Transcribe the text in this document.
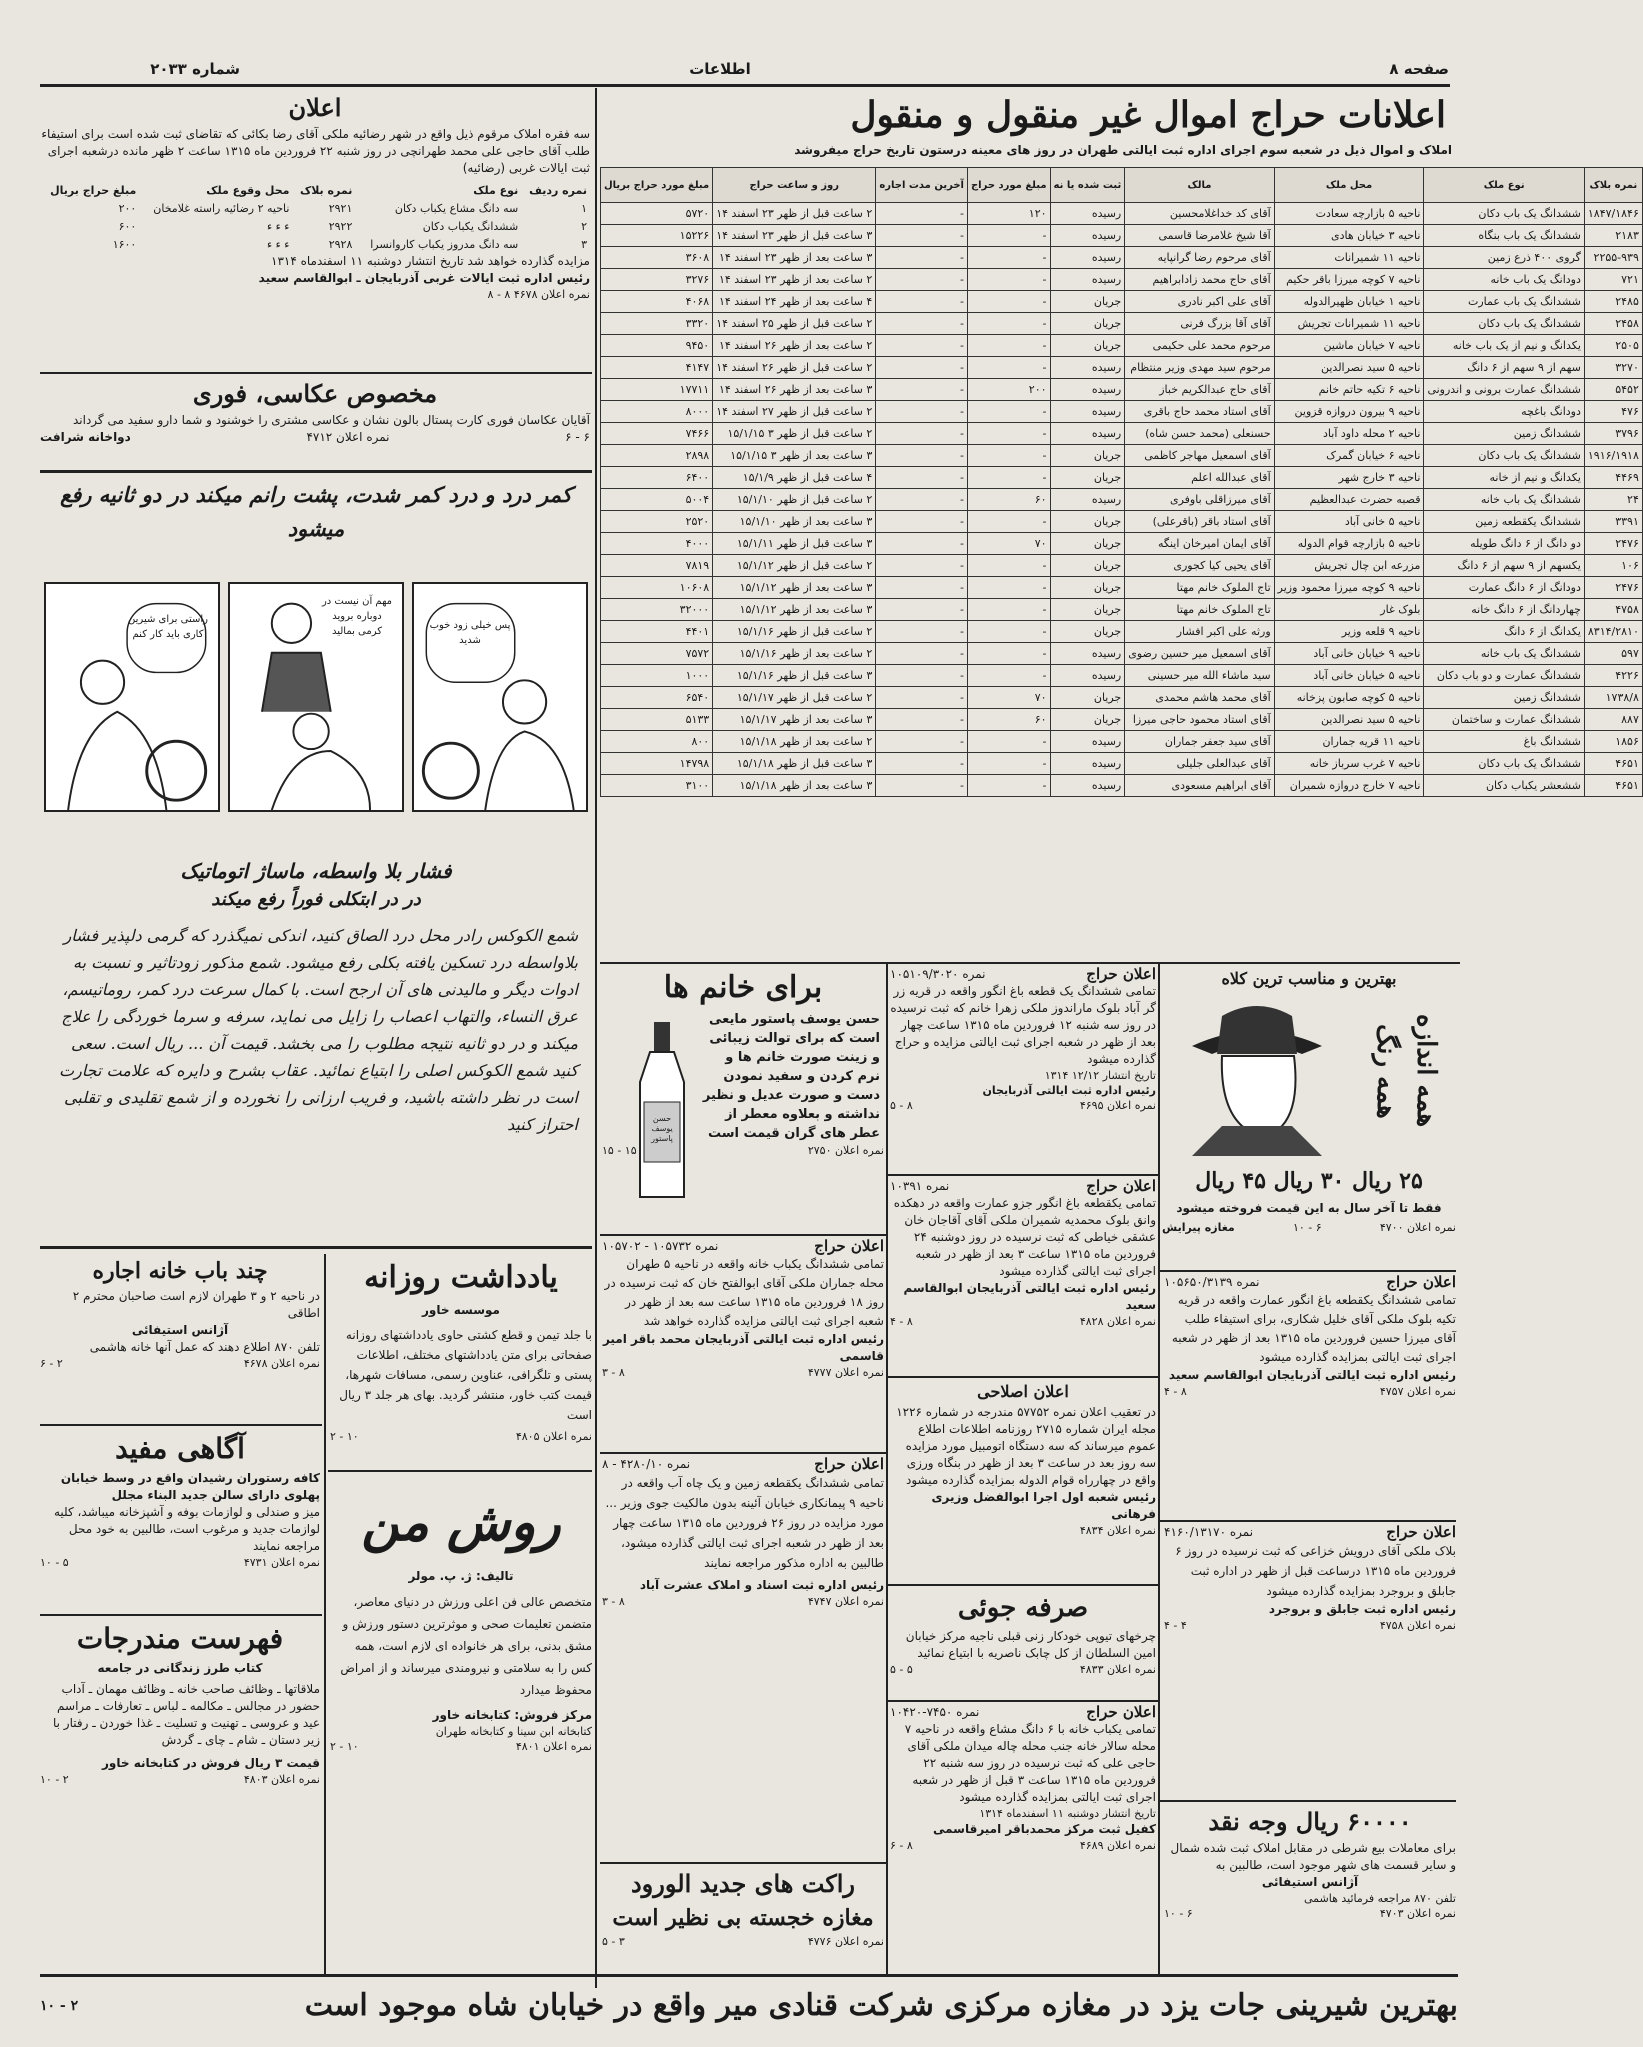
صفحه ۸
اطلاعات
شماره ۲۰۳۳
اعلانات حراج اموال غیر منقول و منقول
املاک و اموال ذیل در شعبه سوم اجرای اداره ثبت ایالتی طهران در روز های معینه درستون تاریخ حراج میفروشد
نمره بلاک	نوع ملک	محل ملک	مالک	ثبت شده یا نه	مبلغ مورد حراج	آخرین مدت اجاره	روز و ساعت حراج	مبلغ مورد حراج بریال
۱۸۴۷/۱۸۴۶	ششدانگ یک باب دکان	ناحیه ۵ بازارچه سعادت	آقای کد خداغلامحسین	رسیده	۱۲۰	-	۲ ساعت قبل از ظهر ۲۳ اسفند ۱۴	۵۷۲۰
۲۱۸۳	ششدانگ یک باب بنگاه	ناحیه ۳ خیابان هادی	آقا شیخ غلامرضا قاسمی	رسیده	-	-	۳ ساعت قبل از ظهر ۲۳ اسفند ۱۴	۱۵۲۲۶
۲۲۵۵-۹۳۹	گروی ۴۰۰ ذرع زمین	ناحیه ۱۱ شمیرانات	آقای مرحوم رضا گرانپایه	رسیده	-	-	۳ ساعت بعد از ظهر ۲۳ اسفند ۱۴	۳۶۰۸
۷۲۱	دودانگ یک باب خانه	ناحیه ۷ کوچه میرزا باقر حکیم	آقای حاج محمد زادابراهیم	رسیده	-	-	۲ ساعت بعد از ظهر ۲۳ اسفند ۱۴	۳۲۷۶
۲۴۸۵	ششدانگ یک باب عمارت	ناحیه ۱ خیابان ظهیرالدوله	آقای علی اکبر نادری	جریان	-	-	۴ ساعت بعد از ظهر ۲۴ اسفند ۱۴	۴۰۶۸
۲۴۵۸	ششدانگ یک باب دکان	ناحیه ۱۱ شمیرانات تجریش	آقای آقا بزرگ فرنی	جریان	-	-	۲ ساعت قبل از ظهر ۲۵ اسفند ۱۴	۳۳۲۰
۲۵۰۵	یکدانگ و نیم از یک باب خانه	ناحیه ۷ خیابان ماشین	مرحوم محمد علی حکیمی	جریان	-	-	۲ ساعت بعد از ظهر ۲۶ اسفند ۱۴	۹۴۵۰
۳۲۷۰	سهم از ۹ سهم از ۶ دانگ	ناحیه ۵ سید نصرالدین	مرحوم سید مهدی وزیر منتظام	رسیده	-	-	۲ ساعت قبل از ظهر ۲۶ اسفند ۱۴	۴۱۴۷
۵۴۵۲	ششدانگ عمارت برونی و اندرونی	ناحیه ۶ تکیه حاتم خانم	آقای حاج عبدالکریم خباز	رسیده	۲۰۰	-	۳ ساعت بعد از ظهر ۲۶ اسفند ۱۴	۱۷۷۱۱
۴۷۶	دودانگ باغچه	ناحیه ۹ بیرون دروازه قزوین	آقای استاد محمد حاج باقری	رسیده	-	-	۲ ساعت قبل از ظهر ۲۷ اسفند ۱۴	۸۰۰۰
۳۷۹۶	ششدانگ زمین	ناحیه ۲ محله داود آباد	حسنعلی (محمد حسن شاه)	رسیده	-	-	۲ ساعت قبل از ظهر ۳ ۱۵/۱/۱۵	۷۴۶۶
۱۹۱۶/۱۹۱۸	ششدانگ یک باب دکان	ناحیه ۶ خیابان گمرک	آقای اسمعیل مهاجر کاظمی	جریان	-	-	۳ ساعت بعد از ظهر ۳ ۱۵/۱/۱۵	۲۸۹۸
۴۴۶۹	یکدانگ و نیم از خانه	ناحیه ۳ خارج شهر	آقای عبدالله اعلم	جریان	-	-	۴ ساعت قبل از ظهر ۱۵/۱/۹	۶۴۰۰
۲۴	ششدانگ یک باب خانه	قصبه حضرت عبدالعظیم	آقای میرزاقلی باوفری	رسیده	۶۰	-	۲ ساعت قبل از ظهر ۱۵/۱/۱۰	۵۰۰۴
۳۳۹۱	ششدانگ یکقطعه زمین	ناحیه ۵ خانی آباد	آقای استاد باقر (باقرعلی)	جریان	-	-	۳ ساعت بعد از ظهر ۱۵/۱/۱۰	۲۵۲۰
۲۴۷۶	دو دانگ از ۶ دانگ طویله	ناحیه ۵ بازارچه قوام الدوله	آقای ایمان امیرخان اینگه	جریان	۷۰	-	۳ ساعت قبل از ظهر ۱۵/۱/۱۱	۴۰۰۰
۱۰۶	یکسهم از ۹ سهم از ۶ دانگ	مزرعه ابن چال تجریش	آقای یحیی کیا کجوری	جریان	-	-	۲ ساعت قبل از ظهر ۱۵/۱/۱۲	۷۸۱۹
۲۴۷۶	دودانگ از ۶ دانگ عمارت	ناحیه ۹ کوچه میرزا محمود وزیر	تاج الملوک خانم مهتا	جریان	-	-	۳ ساعت بعد از ظهر ۱۵/۱/۱۲	۱۰۶۰۸
۴۷۵۸	چهاردانگ از ۶ دانگ خانه	بلوک غار	تاج الملوک خانم مهتا	جریان	-	-	۳ ساعت بعد از ظهر ۱۵/۱/۱۲	۳۲۰۰۰
۸۳۱۴/۲۸۱۰	یکدانگ از ۶ دانگ	ناحیه ۹ قلعه وزیر	ورثه علی اکبر افشار	جریان	-	-	۲ ساعت قبل از ظهر ۱۵/۱/۱۶	۴۴۰۱
۵۹۷	ششدانگ یک باب خانه	ناحیه ۹ خیابان خانی آباد	آقای اسمعیل میر حسین رضوی	رسیده	-	-	۲ ساعت بعد از ظهر ۱۵/۱/۱۶	۷۵۷۲
۴۲۲۶	ششدانگ عمارت و دو باب دکان	ناحیه ۵ خیابان خانی آباد	سید ماشاء الله میر حسینی	رسیده	-	-	۳ ساعت قبل از ظهر ۱۵/۱/۱۶	۱۰۰۰
۱۷۳۸/۸	ششدانگ زمین	ناحیه ۵ کوچه صابون پزخانه	آقای محمد هاشم محمدی	جریان	۷۰	-	۲ ساعت قبل از ظهر ۱۵/۱/۱۷	۶۵۴۰
۸۸۷	ششدانگ عمارت و ساختمان	ناحیه ۵ سید نصرالدین	آقای استاد محمود حاجی میرزا	جریان	۶۰	-	۳ ساعت بعد از ظهر ۱۵/۱/۱۷	۵۱۳۳
۱۸۵۶	ششدانگ باغ	ناحیه ۱۱ قریه جماران	آقای سید جعفر جماران	رسیده	-	-	۲ ساعت بعد از ظهر ۱۵/۱/۱۸	۸۰۰
۴۶۵۱	ششدانگ یک باب دکان	ناحیه ۷ غرب سرباز خانه	آقای عبدالعلی جلیلی	رسیده	-	-	۳ ساعت قبل از ظهر ۱۵/۱/۱۸	۱۴۷۹۸
۴۶۵۱	ششعشر یکباب دکان	ناحیه ۷ خارج دروازه شمیران	آقای ابراهیم مسعودی	رسیده	-	-	۳ ساعت بعد از ظهر ۱۵/۱/۱۸	۳۱۰۰
اعلان
سه فقره املاک مرقوم ذیل واقع در شهر رضائیه ملکی آقای رضا بکائی که تقاضای ثبت شده است برای استیفاء طلب آقای حاجی علی محمد طهرانچی در روز شنبه ۲۲ فروردین ماه ۱۳۱۵ ساعت ۲ ظهر مانده درشعبه اجرای ثبت ایالات غربی (رضائیه)
نمره ردیف	نوع ملک	نمره بلاک	محل وقوع ملک	مبلغ حراج بریال
۱	سه دانگ مشاع یکباب دکان	۲۹۲۱	ناحیه ۲ رضائیه راسته غلامخان	۲۰۰
۲	ششدانگ یکباب دکان	۲۹۲۲	ء ء ء	۶۰۰
۳	سه دانگ مدروز یکباب کاروانسرا	۲۹۲۸	ء ء ء	۱۶۰۰
مزایده گذارده خواهد شد تاریخ انتشار دوشنبه ۱۱ اسفندماه ۱۳۱۴
رئیس اداره ثبت ایالات غربی آذربایجان ـ ابوالقاسم سعید
نمره اعلان ۴۶۷۸ ۸ - ۸
مخصوص عکاسی، فوری
آقایان عکاسان فوری کارت پستال بالون نشان و عکاسی مشتری را خوشنود و شما دارو سفید می گرداند
۶ - ۶
نمره اعلان ۴۷۱۲
دواخانه شرافت
کمر درد و درد کمر شدت، پشت رانم میکند در دو ثانیه رفع میشود
راستی برای شیرین کاری باید کار کنم
مهم آن نیست در دوباره بروید کرمی بمالید
پس خیلی زود خوب شدید
فشار بلا واسطه، ماساژ اتوماتیک
در در ابتکلی فوراً رفع میکند
شمع الکوکس رادر محل درد الصاق کنید، اندکی نمیگذرد که گرمی دلپذیر فشار بلاواسطه درد تسکین یافته بکلی رفع میشود. شمع مذکور زودتاثیر و نسبت به ادوات دیگر و مالیدنی های آن ارجح است. با کمال سرعت درد کمر، روماتیسم، عرق النساء، والتهاب اعصاب را زایل می نماید، سرفه و سرما خوردگی را علاج میکند و در دو ثانیه نتیجه مطلوب را می بخشد. قیمت آن ... ریال است. سعی کنید شمع الکوکس اصلی را ابتیاع نمائید. عقاب بشرح و دایره که علامت تجارت است در نظر داشته باشید، و فریب ارزانی را نخورده و از شمع تقلیدی و تقلبی احتراز کنید
چند باب خانه اجاره
در ناحیه ۲ و ۳ طهران لازم است صاحبان محترم ۲ اطاقی
آژانس استیفائی
تلفن ۸۷۰ اطلاع دهند که عمل آنها خانه هاشمی
نمره اعلان ۴۶۷۸
۲ - ۶
آگاهی مفید
کافه رستوران رشیدان واقع در وسط خیابان پهلوی دارای سالن جدید البناء مجلل
میز و صندلی و لوازمات بوفه و آشپزخانه میباشد، کلیه لوازمات جدید و مرغوب است، طالبین به خود محل مراجعه نمایند
نمره اعلان ۴۷۳۱
۵ - ۱۰
فهرست مندرجات
کتاب طرز زندگانی در جامعه
ملاقاتها ـ وظائف صاحب خانه ـ وظائف مهمان ـ آداب حضور در مجالس ـ مکالمه ـ لباس ـ تعارفات ـ مراسم عید و عروسی ـ تهنیت و تسلیت ـ غذا خوردن ـ رفتار با زیر دستان ـ شام ـ چای ـ گردش
قیمت ۳ ریال فروش در کتابخانه خاور
نمره اعلان ۴۸۰۳
۲ - ۱۰
یادداشت روزانه
موسسه خاور
با جلد تیمن و قطع کشتی حاوی یادداشتهای روزانه صفحاتی برای متن یادداشتهای مختلف، اطلاعات پستی و تلگرافی، عناوین رسمی، مسافات شهرها، قیمت کتب خاور، منتشر گردید. بهای هر جلد ۳ ریال است
نمره اعلان ۴۸۰۵
۱۰ - ۲
روش من
تالیف: ژ. پ. مولر
متخصص عالی فن اعلی ورزش در دنیای معاصر، متضمن تعلیمات صحی و موثرترین دستور ورزش و مشق بدنی، برای هر خانواده ای لازم است، همه کس را به سلامتی و نیرومندی میرساند و از امراض محفوظ میدارد
مرکز فروش: کتابخانه خاور
کتابخانه ابن سینا و کتابخانه طهران
نمره اعلان ۴۸۰۱
۱۰ - ۲
برای خانم ها
حسن یوسف پاستور
حسن یوسف پاستور مایعی است که برای توالت زیبائی و زینت صورت خانم ها و نرم کردن و سفید نمودن دست و صورت عدیل و نظیر نداشته و بعلاوه معطر از عطر های گران قیمت است
نمره اعلان ۲۷۵۰
۱۵ - ۱۵
اعلان حراج
نمره ۱۰۵۷۳۲ - ۱۰۵۷۰۲
تمامی ششدانگ یکباب خانه واقعه در ناحیه ۵ طهران محله جماران ملکی آقای ابوالفتح خان که ثبت نرسیده در روز ۱۸ فروردین ماه ۱۳۱۵ ساعت سه بعد از ظهر در شعبه اجرای ثبت ایالتی مزایده گذارده خواهد شد
رئیس اداره ثبت ایالتی آذربایجان محمد باقر امیر قاسمی
نمره اعلان ۴۷۷۷
۸ - ۳
اعلان حراج
نمره ۴۲۸۰/۱۰ - ۸
تمامی ششدانگ یکقطعه زمین و یک چاه آب واقعه در ناحیه ۹ پیمانکاری خیابان آئینه بدون مالکیت جوی وزیر ... مورد مزایده در روز ۲۶ فروردین ماه ۱۳۱۵ ساعت چهار بعد از ظهر در شعبه اجرای ثبت ایالتی گذارده میشود، طالبین به اداره مذکور مراجعه نمایند
رئیس اداره ثبت اسناد و املاک عشرت آباد
نمره اعلان ۴۷۴۷
۸ - ۳
راکت های جدید الورود
مغازه خجسته بی نظیر است
نمره اعلان ۴۷۷۶
۳ - ۵
اعلان حراج
نمره ۱۰۵۱۰۹/۳۰۲۰
تمامی ششدانگ یک قطعه باغ انگور واقعه در قریه زر گر آباد بلوک ماراندوز ملکی زهرا خانم که ثبت نرسیده در روز سه شنبه ۱۲ فروردین ماه ۱۳۱۵ ساعت چهار بعد از ظهر در شعبه اجرای ثبت ایالتی مزایده و حراج گذارده میشود
تاریخ انتشار ۱۲/۱۲ ۱۳۱۴
رئیس اداره ثبت ایالتی آذربایجان
نمره اعلان ۴۶۹۵
۸ - ۵
اعلان حراج
نمره ۱۰۳۹۱
تمامی یکقطعه باغ انگور جزو عمارت واقعه در دهکده وانق بلوک محمدیه شمیران ملکی آقای آقاجان خان عشقی خیاطی که ثبت نرسیده در روز دوشنبه ۲۴ فروردین ماه ۱۳۱۵ ساعت ۳ بعد از ظهر در شعبه اجرای ثبت ایالتی گذارده میشود
رئیس اداره ثبت ایالتی آذربایجان ابوالقاسم سعید
نمره اعلان ۴۸۲۸
۸ - ۴
اعلان اصلاحی
در تعقیب اعلان نمره ۵۷۷۵۲ مندرجه در شماره ۱۲۲۶ مجله ایران شماره ۲۷۱۵ روزنامه اطلاعات اطلاع عموم میرساند که سه دستگاه اتومبیل مورد مزایده سه روز بعد در ساعت ۳ بعد از ظهر در بنگاه ورزی واقع در چهارراه قوام الدوله بمزایده گذارده میشود
رئیس شعبه اول اجرا ابوالفضل وزیری فرهانی
نمره اعلان ۴۸۳۴
صرفه جوئی
چرخهای تیوپی خودکار زنی قبلی ناجیه مرکز خیابان امین السلطان از کل چابک ناصریه با ابتیاع نمائید
نمره اعلان ۴۸۳۳
۵ - ۵
اعلان حراج
نمره ۷۴۵۰-۱۰۴۲۰
تمامی یکباب خانه با ۶ دانگ مشاع واقعه در ناحیه ۷ محله سالار خانه جنب محله چاله میدان ملکی آقای حاجی علی که ثبت نرسیده در روز سه شنبه ۲۲ فروردین ماه ۱۳۱۵ ساعت ۳ قبل از ظهر در شعبه اجرای ثبت ایالتی بمزایده گذارده میشود
تاریخ انتشار دوشنبه ۱۱ اسفندماه ۱۳۱۴
کفیل ثبت مرکز محمدباقر امیرقاسمی
نمره اعلان ۴۶۸۹
۸ - ۶
بهترین و مناسب ترین کلاه
همه اندازه همه رنگ
۲۵ ریال ۳۰ ریال ۴۵ ریال
فقط تا آخر سال به این قیمت فروخته میشود
نمره اعلان ۴۷۰۰
۶ - ۱۰
مغازه پیرایش
اعلان حراج
نمره ۱۰۵۶۵۰/۳۱۳۹
تمامی ششدانگ یکقطعه باغ انگور عمارت واقعه در قریه تکیه بلوک ملکی آقای خلیل شکاری، برای استیفاء طلب آقای میرزا حسین فروردین ماه ۱۳۱۵ بعد از ظهر در شعبه اجرای ثبت ایالتی بمزایده گذارده میشود
رئیس اداره ثبت ایالتی آذربایجان ابوالقاسم سعید
نمره اعلان ۴۷۵۷
۸ - ۴
اعلان حراج
نمره ۴۱۶۰/۱۳۱۷۰
بلاک ملکی آقای درویش خزاعی که ثبت نرسیده در روز ۶ فروردین ماه ۱۳۱۵ درساعت قبل از ظهر در اداره ثبت جابلق و بروجرد بمزایده گذارده میشود
رئیس اداره ثبت جابلق و بروجرد
نمره اعلان ۴۷۵۸
۴ - ۴
۶۰۰۰۰ ریال وجه نقد
برای معاملات بیع شرطی در مقابل املاک ثبت شده شمال و سایر قسمت های شهر موجود است، طالبین به
آژانس استیفائی
تلفن ۸۷۰ مراجعه فرمائید هاشمی
نمره اعلان ۴۷۰۳
۶ - ۱۰
بهترین شیرینی جات یزد در مغازه مرکزی شرکت قنادی میر واقع در خیابان شاه موجود است
۲ - ۱۰
